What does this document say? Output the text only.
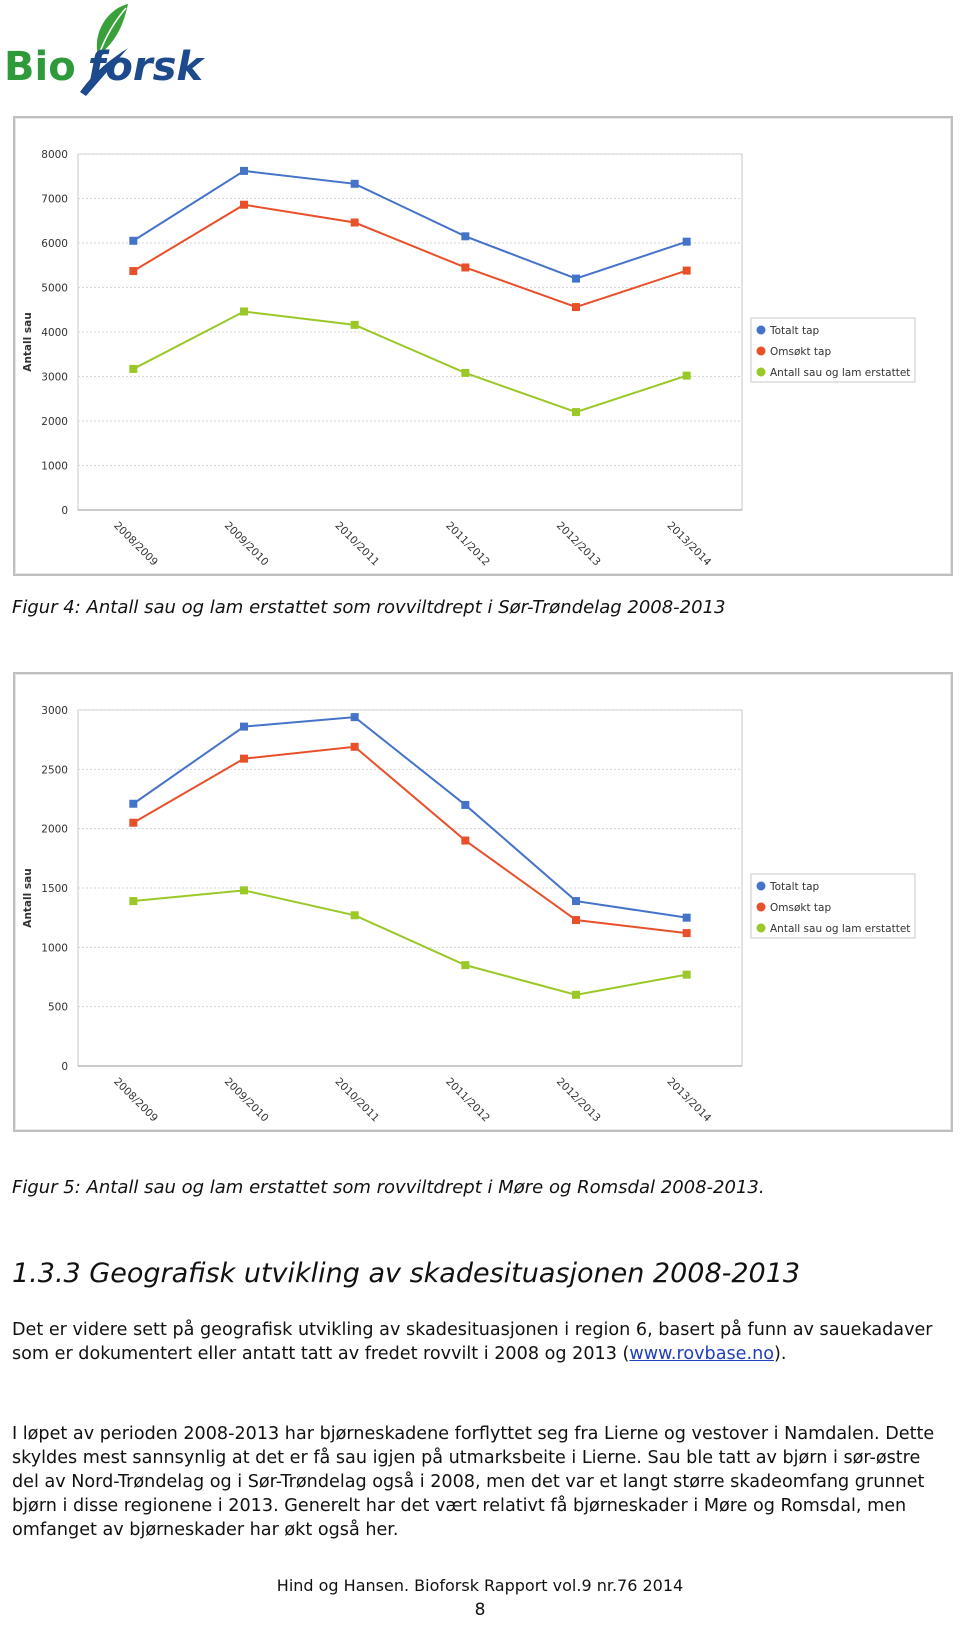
Bio forsk
0
1000
2000
3000
4000
5000
6000
7000
8000
Antall sau
2008/2009	2009/2010	2010/2011	2011/2012	2012/2013	2013/2014
Totalt tap
Omsøkt tap
Antall sau og lam erstattet
Figur 4: Antall sau og lam erstattet som rovviltdrept i Sør-Trøndelag 2008-2013
0
500
1000
1500
2000
2500
3000
Antall sau
2008/2009	2009/2010	2010/2011	2011/2012	2012/2013	2013/2014
Totalt tap
Omsøkt tap
Antall sau og lam erstattet
Figur 5: Antall sau og lam erstattet som rovviltdrept i Møre og Romsdal 2008-2013.
1.3.3 Geografisk utvikling av skadesituasjonen 2008-2013
Det er videre sett på geografisk utvikling av skadesituasjonen i region 6, basert på funn av sauekadaver som er dokumentert eller antatt tatt av fredet rovvilt i 2008 og 2013 (www.rovbase.no).
I løpet av perioden 2008-2013 har bjørneskadene forflyttet seg fra Lierne og vestover i Namdalen. Dette skyldes mest sannsynlig at det er få sau igjen på utmarksbeite i Lierne. Sau ble tatt av bjørn i sør-østre del av Nord-Trøndelag og i Sør-Trøndelag også i 2008, men det var et langt større skadeomfang grunnet bjørn i disse regionene i 2013. Generelt har det vært relativt få bjørneskader i Møre og Romsdal, men omfanget av bjørneskader har økt også her.
Hind og Hansen. Bioforsk Rapport vol.9 nr.76 2014
8
